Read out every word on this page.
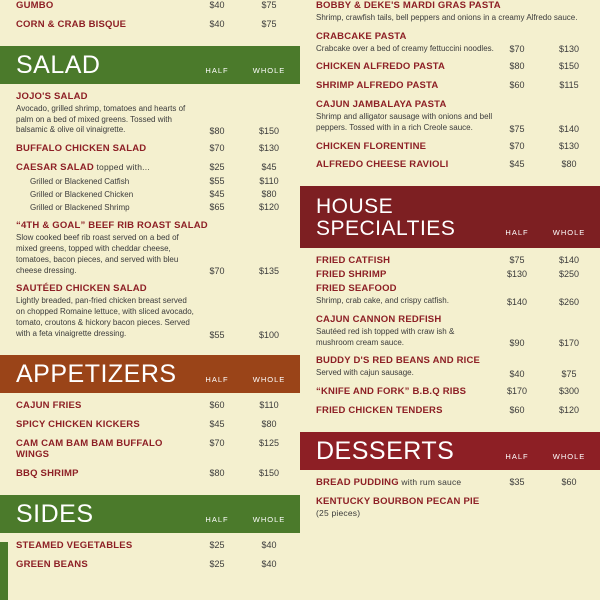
GUMBO	$40	$75
CORN & CRAB BISQUE	$40	$75
SALAD	HALF	WHOLE
JOJO'S SALAD
Avocado, grilled shrimp, tomatoes and hearts of palm on a bed of mixed greens. Tossed with balsamic & olive oil vinaigrette.	$80	$150
BUFFALO CHICKEN SALAD	$70	$130
CAESAR SALAD topped with...	$25	$45
Grilled or Blackened Catfish	$55	$110
Grilled or Blackened Chicken	$45	$80
Grilled or Blackened Shrimp	$65	$120
“4TH & GOAL” BEEF RIB ROAST SALAD
Slow cooked beef rib roast served on a bed of mixed greens, topped with cheddar cheese, tomatoes, bacon pieces, and served with bleu cheese dressing.	$70	$135
SAUTÉED CHICKEN SALAD
Lightly breaded, pan-fried chicken breast served on chopped Romaine lettuce, with sliced avocado, tomato, croutons & hickory bacon pieces. Served with a feta vinaigrette dressing.	$55	$100
APPETIZERS	HALF	WHOLE
CAJUN FRIES	$60	$110
SPICY CHICKEN KICKERS	$45	$80
CAM CAM BAM BAM BUFFALO WINGS
$70	$125
BBQ SHRIMP	$80	$150
SIDES	HALF	WHOLE
STEAMED VEGETABLES	$25	$40
GREEN BEANS	$25	$40
BOBBY & DEKE'S MARDI GRAS PASTA
Shrimp, crawfish tails, bell peppers and onions in a creamy Alfredo sauce.
CRABCAKE PASTA
Crabcake over a bed of creamy fettuccini noodles.	$70	$130
CHICKEN ALFREDO PASTA	$80	$150
SHRIMP ALFREDO PASTA	$60	$115
CAJUN JAMBALAYA PASTA
Shrimp and alligator sausage with onions and bell peppers. Tossed with in a rich Creole sauce.	$75	$140
CHICKEN FLORENTINE	$70	$130
ALFREDO CHEESE RAVIOLI	$45	$80
HOUSE SPECIALTIES	HALF	WHOLE
FRIED CATFISH	$75	$140
FRIED SHRIMP	$130	$250
FRIED SEAFOOD
Shrimp, crab cake, and crispy catfish.	$140	$260
CAJUN CANNON REDFISH
Sautéed red ish topped with craw ish & mushroom cream sauce.	$90	$170
BUDDY D'S RED BEANS AND RICE
Served with cajun sausage.	$40	$75
“KNIFE AND FORK” B.B.Q RIBS	$170	$300
FRIED CHICKEN TENDERS	$60	$120
DESSERTS	HALF	WHOLE
BREAD PUDDING with rum sauce	$35	$60
KENTUCKY BOURBON PECAN PIE (25 pieces)
